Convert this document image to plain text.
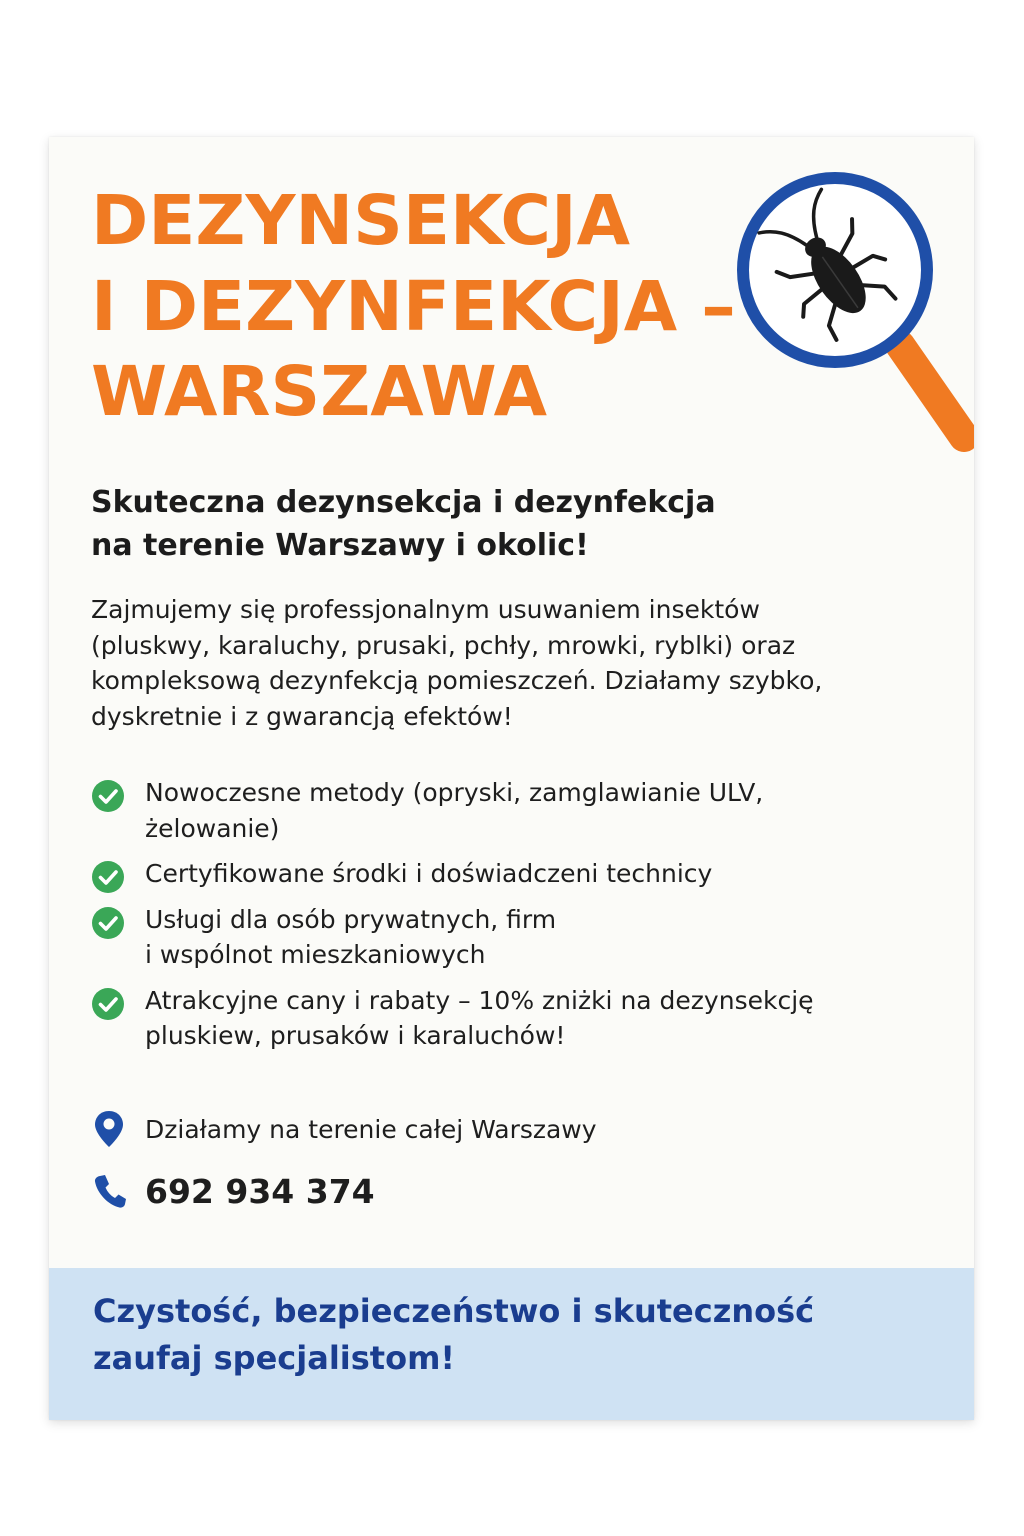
DEZYNSEKCJA
I DEZYNFEKCJA –
WARSZAWA
Skuteczna dezynsekcja i dezynfekcja
na terenie Warszawy i okolic!
Zajmujemy się professjonalnym usuwaniem insektów
(pluskwy, karaluchy, prusaki, pchły, mrowki, ryblki) oraz
kompleksową dezynfekcją pomieszczeń. Działamy szybko,
dyskretnie i z gwarancją efektów!
Nowoczesne metody (opryski, zamglawianie ULV,
żelowanie)
Certyfikowane środki i doświadczeni technicy
Usługi dla osób prywatnych, firm
i wspólnot mieszkaniowych
Atrakcyjne cany i rabaty – 10% zniżki na dezynsekcję
pluskiew, prusaków i karaluchów!
Działamy na terenie całej Warszawy
692 934 374

Czystość, bezpieczeństwo i skuteczność
zaufaj specjalistom!
